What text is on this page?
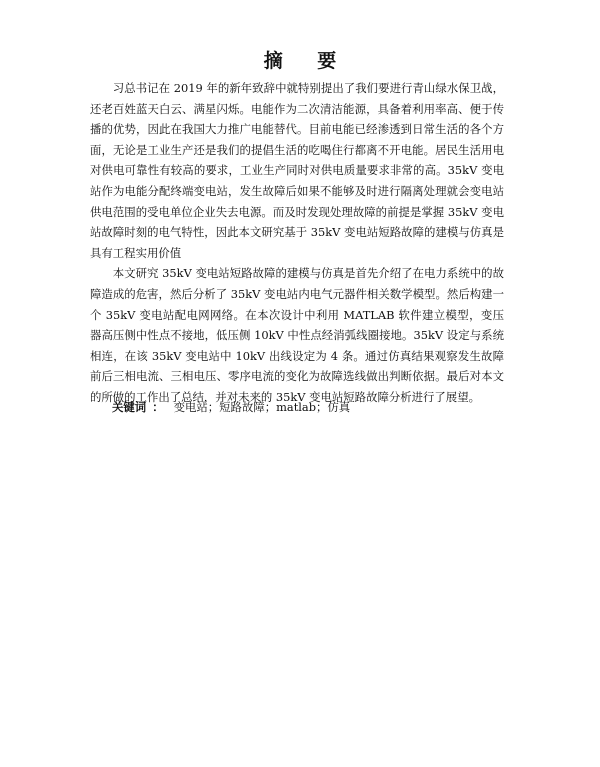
摘 要

习总书记在 2019 年的新年致辞中就特别提出了我们要进行青山绿水保卫战，还老百姓蓝天白云、满星闪烁。电能作为二次清洁能源，具备着利用率高、便于传播的优势，因此在我国大力推广电能替代。目前电能已经渗透到日常生活的各个方面，无论是工业生产还是我们的提倡生活的吃喝住行都离不开电能。居民生活用电对供电可靠性有较高的要求，工业生产同时对供电质量要求非常的高。35kV 变电站作为电能分配终端变电站，发生故障后如果不能够及时进行隔离处理就会变电站供电范围的受电单位企业失去电源。而及时发现处理故障的前提是掌握 35kV 变电站故障时刻的电气特性，因此本文研究基于 35kV 变电站短路故障的建模与仿真是具有工程实用价值

本文研究 35kV 变电站短路故障的建模与仿真是首先介绍了在电力系统中的故障造成的危害，然后分析了 35kV 变电站内电气元器件相关数学模型。然后构建一个 35kV 变电站配电网网络。在本次设计中利用 MATLAB 软件建立模型，变压器高压侧中性点不接地，低压侧 10kV 中性点经消弧线圈接地。35kV 设定与系统相连，在该 35kV 变电站中 10kV 出线设定为 4 条。通过仿真结果观察发生故障前后三相电流、三相电压、零序电流的变化为故障选线做出判断依据。最后对本文的所做的工作出了总结，并对未来的 35kV 变电站短路故障分析进行了展望。

关键词 ： 变电站；短路故障；matlab；仿真
